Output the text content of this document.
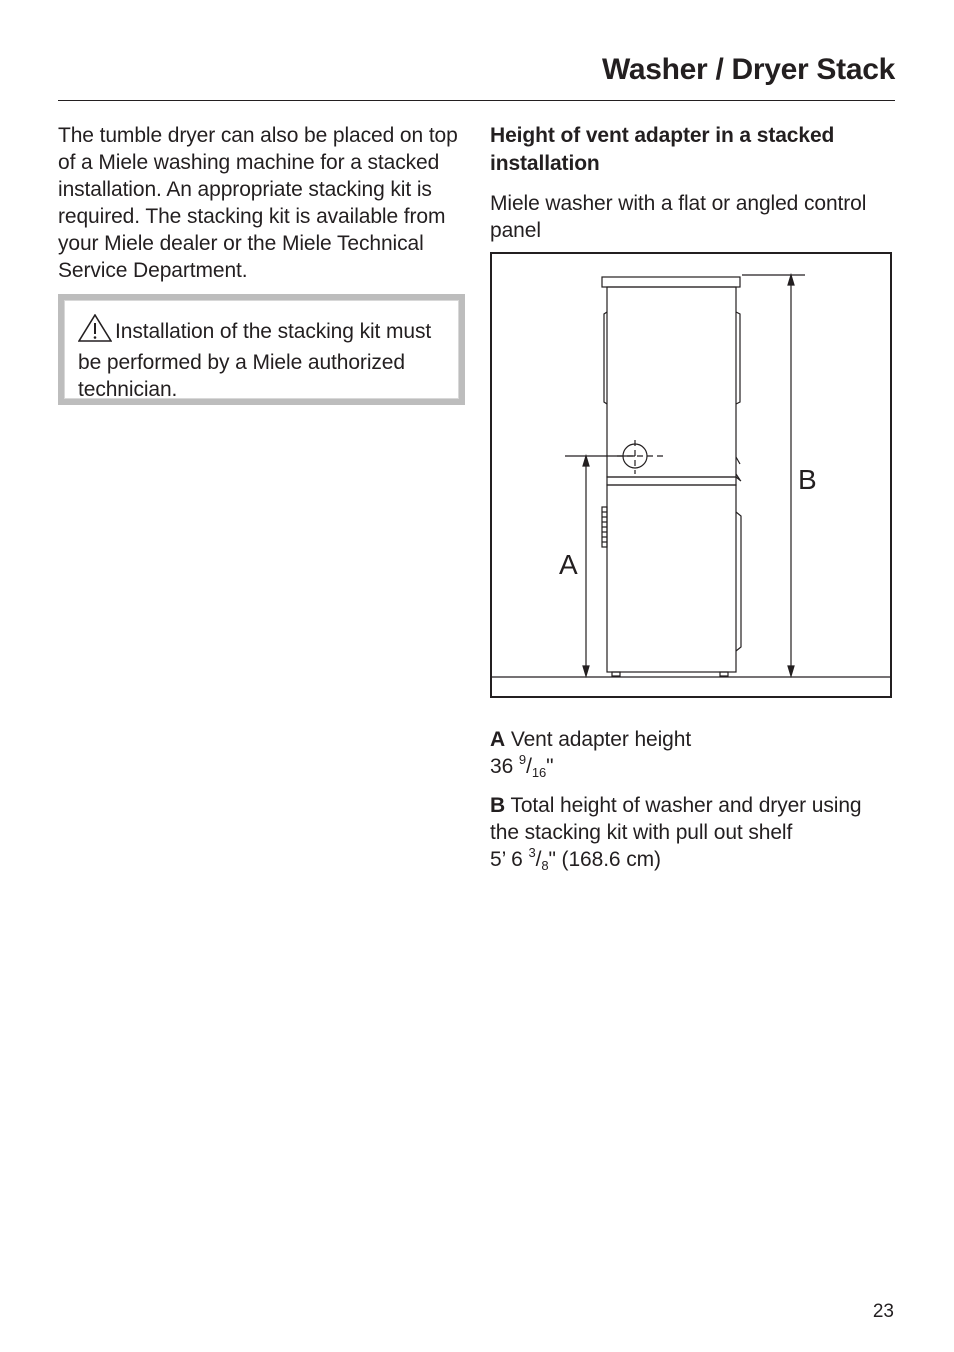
Washer / Dryer Stack

The tumble dryer can also be placed on top of a Miele washing machine for a stacked installation. An appropriate stacking kit is required. The stacking kit is available from your Miele dealer or the Miele Technical Service Department.

Installation of the stacking kit must be performed by a Miele authorized technician.

Height of vent adapter in a stacked installation

Miele washer with a flat or angled control panel

A
B

A Vent adapter height
36 $^9/_{16}$"

B Total height of washer and dryer using the stacking kit with pull out shelf
5’ 6 $^3/_8$" (168.6 cm)

23
